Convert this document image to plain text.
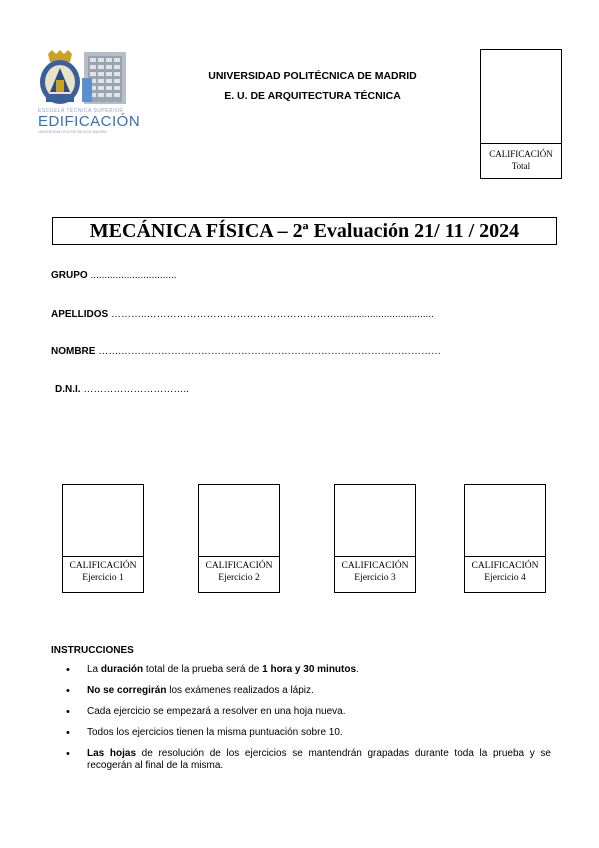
ESCUELA TÉCNICA SUPERIOR
EDIFICACIÓN
UNIVERSIDAD POLITÉCNICA DE MADRID
UNIVERSIDAD POLITÉCNICA DE MADRID
E. U. DE ARQUITECTURA TÉCNICA
CALIFICACIÓN
Total
MECÁNICA FÍSICA – 2ª Evaluación 21/ 11 / 2024
GRUPO ...............................
APELLIDOS ………..…………………………………………………...................................
NOMBRE …….……………………………………………………………………………………
D.N.I. …………………………..
CALIFICACIÓN
Ejercicio 1
CALIFICACIÓN
Ejercicio 2
CALIFICACIÓN
Ejercicio 3
CALIFICACIÓN
Ejercicio 4
INSTRUCCIONES
• La duración total de la prueba será de 1 hora y 30 minutos.
• No se corregirán los exámenes realizados a lápiz.
• Cada ejercicio se empezará a resolver en una hoja nueva.
• Todos los ejercicios tienen la misma puntuación sobre 10.
• Las hojas de resolución de los ejercicios se mantendrán grapadas durante toda la prueba y se recogerán al final de la misma.
